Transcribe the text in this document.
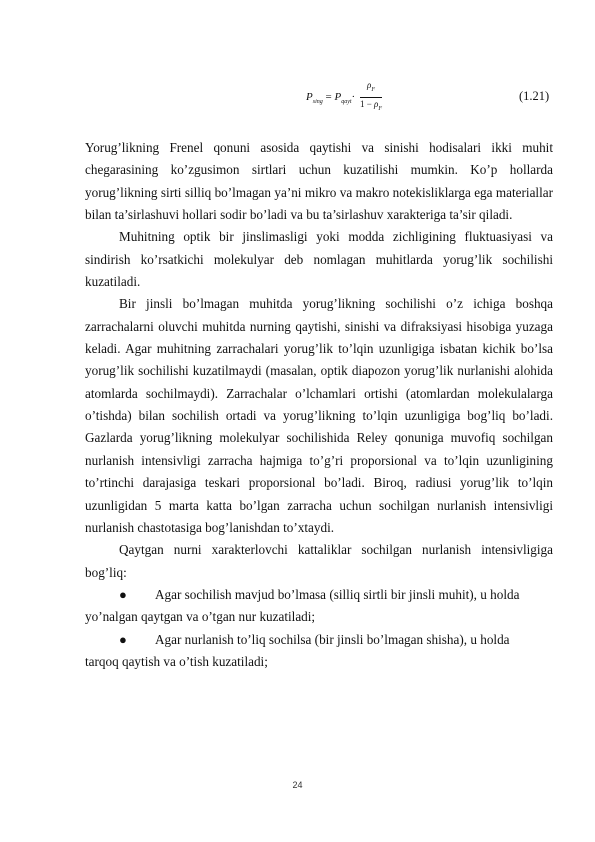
$P_{sing} = P_{qayt}\cdot \frac{\rho_F}{1 - \rho_F}$	(1.21)

Yorug’likning Frenel qonuni asosida qaytishi va sinishi hodisalari ikki muhit chegarasining ko’zgusimon sirtlari uchun kuzatilishi mumkin. Ko’p hollarda yorug’likning sirti silliq bo’lmagan ya’ni mikro va makro notekisliklarga ega materiallar bilan ta’sirlashuvi hollari sodir bo’ladi va bu ta’sirlashuv xarakteriga ta’sir qiladi.

Muhitning optik bir jinslimasligi yoki modda zichligining fluktuasiyasi va sindirish ko’rsatkichi molekulyar deb nomlagan muhitlarda yorug’lik sochilishi kuzatiladi.

Bir jinsli bo’lmagan muhitda yorug’likning sochilishi o’z ichiga boshqa zarrachalarni oluvchi muhitda nurning qaytishi, sinishi va difraksiyasi hisobiga yuzaga keladi. Agar muhitning zarrachalari yorug’lik to’lqin uzunligiga isbatan kichik bo’lsa yorug’lik sochilishi kuzatilmaydi (masalan, optik diapozon yorug’lik nurlanishi alohida atomlarda sochilmaydi). Zarrachalar o’lchamlari ortishi (atomlardan molekulalarga o’tishda) bilan sochilish ortadi va yorug’likning to’lqin uzunligiga bog’liq bo’ladi. Gazlarda yorug’likning molekulyar sochilishida Reley qonuniga muvofiq sochilgan nurlanish intensivligi zarracha hajmiga to’g’ri proporsional va to’lqin uzunligining to’rtinchi darajasiga teskari proporsional bo’ladi. Biroq, radiusi yorug’lik to’lqin uzunligidan 5 marta katta bo’lgan zarracha uchun sochilgan nurlanish intensivligi nurlanish chastotasiga bog’lanishdan to’xtaydi.

Qaytgan nurni xarakterlovchi kattaliklar sochilgan nurlanish intensivligiga bog’liq:

● Agar sochilish mavjud bo’lmasa (silliq sirtli bir jinsli muhit), u holda
yo’nalgan qaytgan va o’tgan nur kuzatiladi;

● Agar nurlanish to’liq sochilsa (bir jinsli bo’lmagan shisha), u holda
tarqoq qaytish va o’tish kuzatiladi;

24
